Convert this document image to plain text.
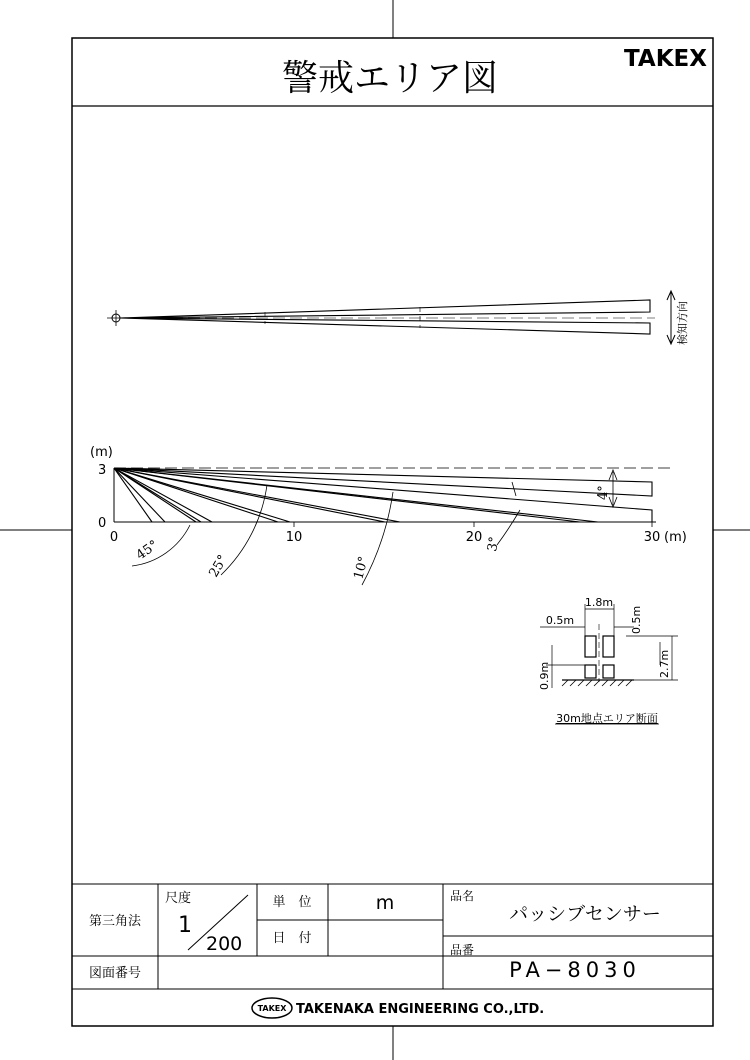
警戒エリア図	TAKEX
検知方向
(m)
3
0
0	10	20	30 (m)
45°
25°	10°
3°
4°
1.8m
0.5m	0.5m
0.9m	2.7m
30m地点エリア断面
第三角法
尺度
1
200
単　位	m
日　付
品名
パッシブセンサー
品番
PA−8030
図面番号
TAKEX TAKENAKA ENGINEERING CO.,LTD.
